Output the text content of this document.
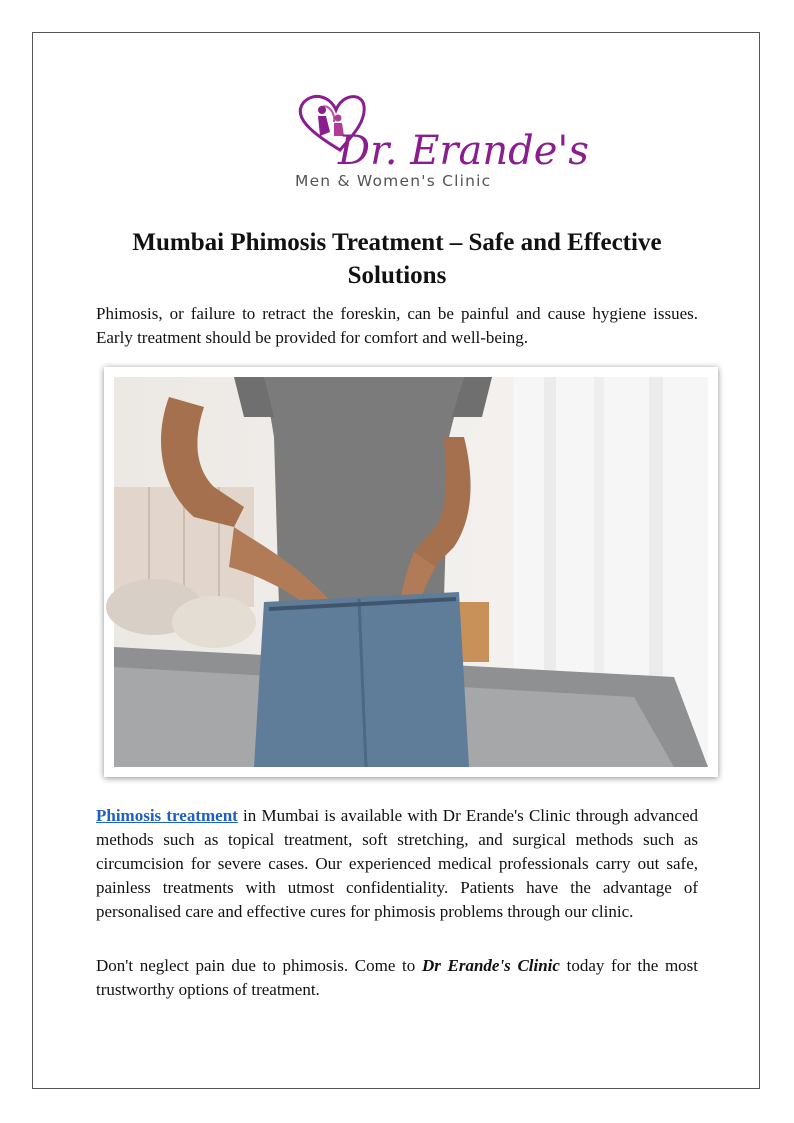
Dr. Erande's
Men & Women's Clinic
Mumbai Phimosis Treatment – Safe and Effective Solutions

Phimosis, or failure to retract the foreskin, can be painful and cause hygiene issues. Early treatment should be provided for comfort and well-being.

Phimosis treatment in Mumbai is available with Dr Erande's Clinic through advanced methods such as topical treatment, soft stretching, and surgical methods such as circumcision for severe cases. Our experienced medical professionals carry out safe, painless treatments with utmost confidentiality. Patients have the advantage of personalised care and effective cures for phimosis problems through our clinic.

Don't neglect pain due to phimosis. Come to Dr Erande's Clinic today for the most trustworthy options of treatment.
